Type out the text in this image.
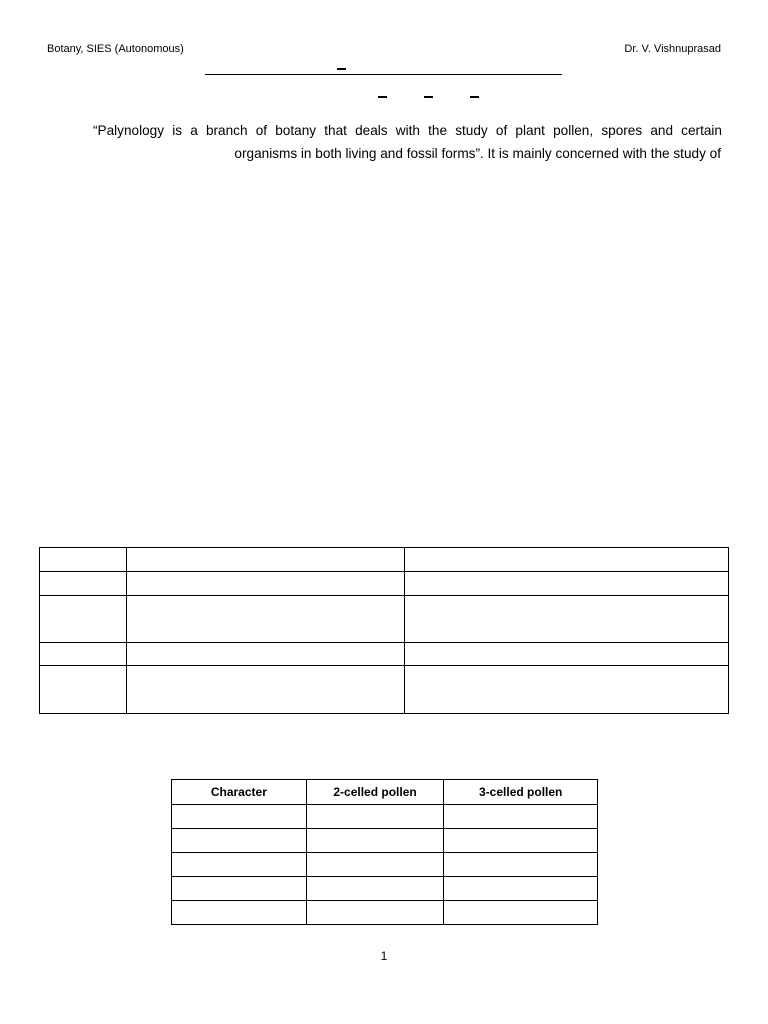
Botany, SIES (Autonomous)	Dr. V. Vishnuprasad
“Palynology is a branch of botany that deals with the study of plant pollen, spores and certain
organisms in both living and fossil forms”. It is mainly concerned with the study of

Character	2-celled pollen	3-celled pollen

1
